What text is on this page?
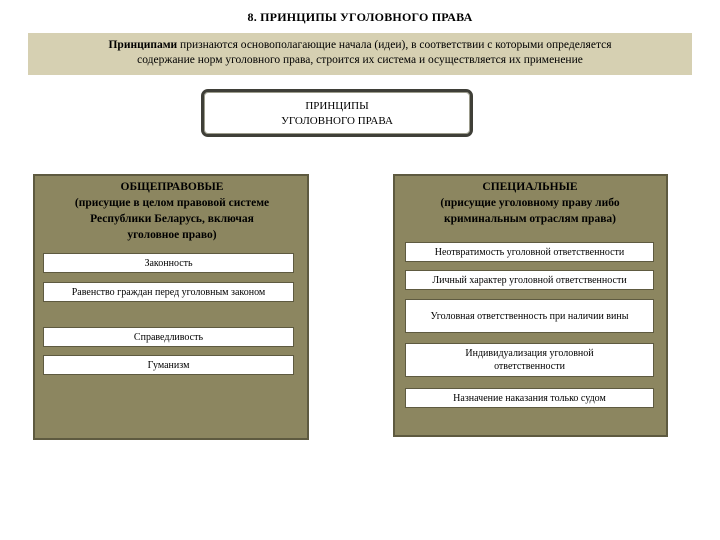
8. ПРИНЦИПЫ УГОЛОВНОГО ПРАВА
Принципами признаются основополагающие начала (идеи), в соответствии с которыми определяется
содержание норм уголовного права, строится их система и осуществляется их применение
ПРИНЦИПЫ
УГОЛОВНОГО ПРАВА
ОБЩЕПРАВОВЫЕ
(присущие в целом правовой системе
Республики Беларусь, включая
уголовное право)
СПЕЦИАЛЬНЫЕ
(присущие уголовному праву либо
криминальным отраслям права)
Законность
Равенство граждан перед уголовным законом
Справедливость
Гуманизм
Неотвратимость уголовной ответственности
Личный характер уголовной ответственности
Уголовная ответственность при наличии вины
Индивидуализация уголовной ответственности
Назначение наказания только судом
